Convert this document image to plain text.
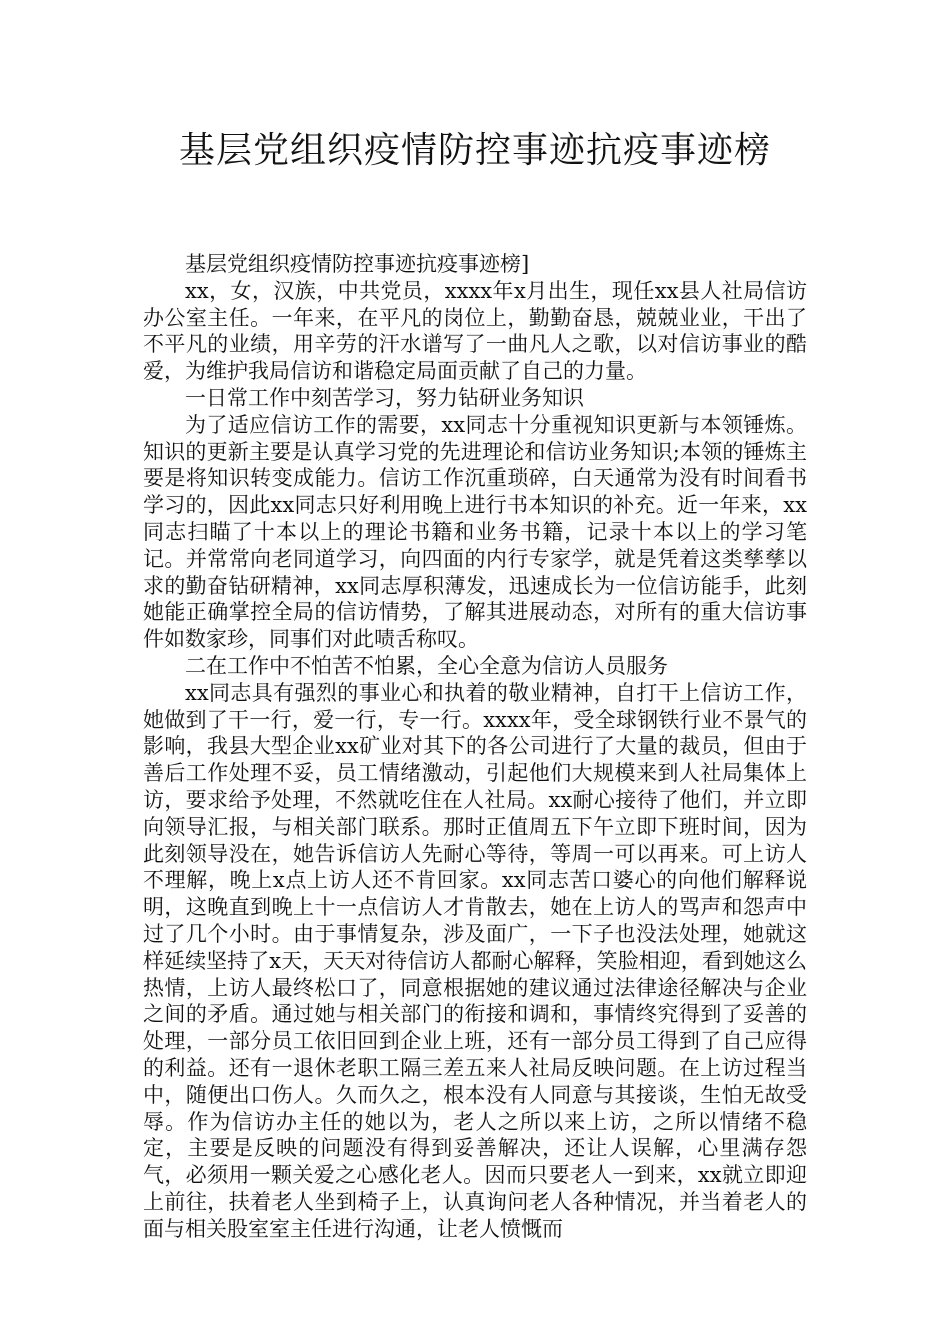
基层党组织疫情防控事迹抗疫事迹榜

基层党组织疫情防控事迹抗疫事迹榜]

xx，女，汉族，中共党员，xxxx年x月出生，现任xx县人社局信访办公室主任。一年来，在平凡的岗位上，勤勤奋恳，兢兢业业，干出了不平凡的业绩，用辛劳的汗水谱写了一曲凡人之歌，以对信访事业的酷爱，为维护我局信访和谐稳定局面贡献了自己的力量。

一日常工作中刻苦学习，努力钻研业务知识

为了适应信访工作的需要，xx同志十分重视知识更新与本领锤炼。知识的更新主要是认真学习党的先进理论和信访业务知识;本领的锤炼主要是将知识转变成能力。信访工作沉重琐碎，白天通常为没有时间看书学习的，因此xx同志只好利用晚上进行书本知识的补充。近一年来，xx同志扫瞄了十本以上的理论书籍和业务书籍，记录十本以上的学习笔记。并常常向老同道学习，向四面的内行专家学，就是凭着这类孳孳以求的勤奋钻研精神，xx同志厚积薄发，迅速成长为一位信访能手，此刻她能正确掌控全局的信访情势，了解其进展动态，对所有的重大信访事件如数家珍，同事们对此啧舌称叹。

二在工作中不怕苦不怕累，全心全意为信访人员服务

xx同志具有强烈的事业心和执着的敬业精神，自打干上信访工作，她做到了干一行，爱一行，专一行。xxxx年，受全球钢铁行业不景气的影响，我县大型企业xx矿业对其下的各公司进行了大量的裁员，但由于善后工作处理不妥，员工情绪激动，引起他们大规模来到人社局集体上访，要求给予处理，不然就吃住在人社局。xx耐心接待了他们，并立即向领导汇报，与相关部门联系。那时正值周五下午立即下班时间，因为此刻领导没在，她告诉信访人先耐心等待，等周一可以再来。可上访人不理解，晚上x点上访人还不肯回家。xx同志苦口婆心的向他们解释说明，这晚直到晚上十一点信访人才肯散去，她在上访人的骂声和怨声中过了几个小时。由于事情复杂，涉及面广，一下子也没法处理，她就这样延续坚持了x天，天天对待信访人都耐心解释，笑脸相迎，看到她这么热情，上访人最终松口了，同意根据她的建议通过法律途径解决与企业之间的矛盾。通过她与相关部门的衔接和调和，事情终究得到了妥善的处理，一部分员工依旧回到企业上班，还有一部分员工得到了自己应得的利益。还有一退休老职工隔三差五来人社局反映问题。在上访过程当中，随便出口伤人。久而久之，根本没有人同意与其接谈，生怕无故受辱。作为信访办主任的她以为，老人之所以来上访，之所以情绪不稳定，主要是反映的问题没有得到妥善解决，还让人误解，心里满存怨气，必须用一颗关爱之心感化老人。因而只要老人一到来，xx就立即迎上前往，扶着老人坐到椅子上，认真询问老人各种情况，并当着老人的面与相关股室室主任进行沟通，让老人愤慨而
